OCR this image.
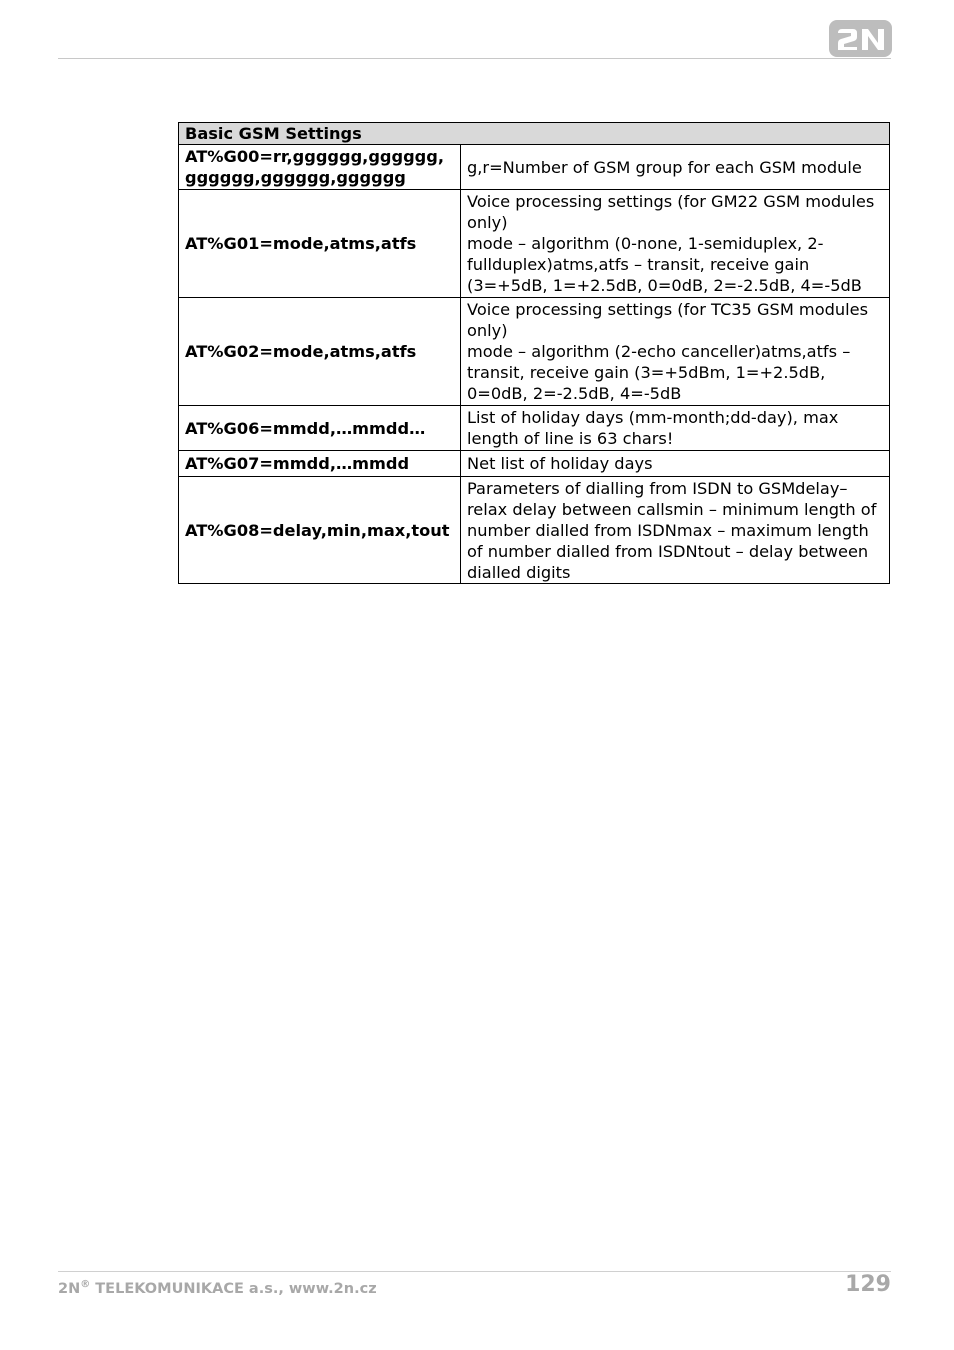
Basic GSM Settings	
AT%G00=rr,gggggg,gggggg, gggggg,gggggg,gggggg	g,r=Number of GSM group for each GSM module
AT%G01=mode,atms,atfs	Voice processing settings (for GM22 GSM modules only)
mode – algorithm (0-none, 1-semiduplex, 2-fullduplex)atms,atfs – transit, receive gain (3=+5dB, 1=+2.5dB, 0=0dB, 2=-2.5dB, 4=-5dB

AT%G02=mode,atms,atfs	Voice processing settings (for TC35 GSM modules only)
mode – algorithm (2-echo canceller)atms,atfs – transit, receive gain (3=+5dBm, 1=+2.5dB, 0=0dB, 2=-2.5dB, 4=-5dB

AT%G06=mmdd,…mmdd…	List of holiday days (mm-month;dd-day), max length of line is 63 chars!
AT%G07=mmdd,…mmdd	Net list of holiday days
AT%G08=delay,min,max,tout	Parameters of dialling from ISDN to GSMdelay– relax delay between callsmin – minimum length of number dialled from ISDNmax – maximum length of number dialled from ISDNtout – delay between dialled digits
2N® TELEKOMUNIKACE a.s., www.2n.cz	129
